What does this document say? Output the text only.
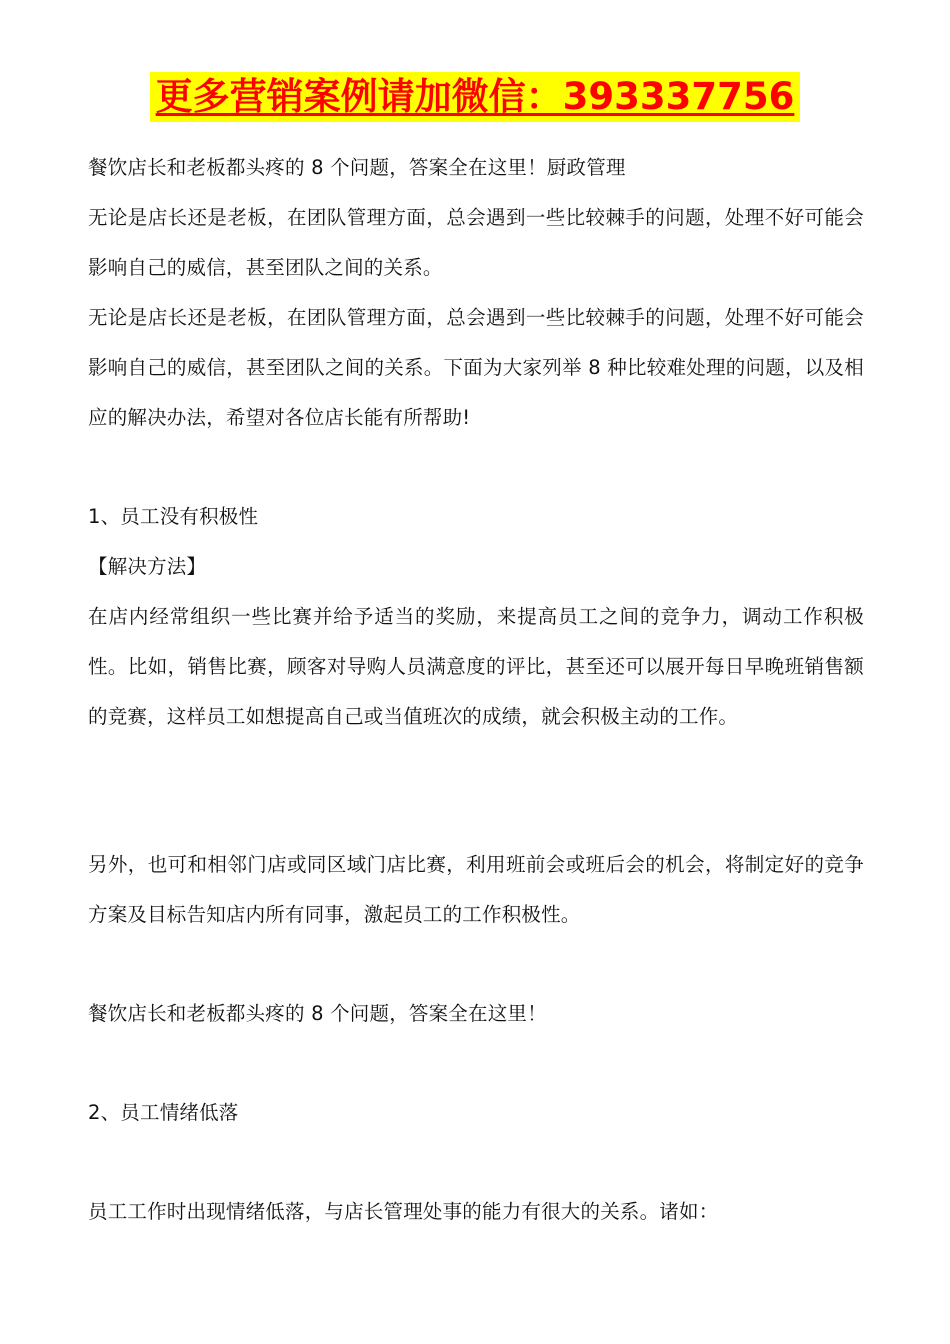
更多营销案例请加微信：393337756

餐饮店长和老板都头疼的 8 个问题，答案全在这里！厨政管理

无论是店长还是老板，在团队管理方面，总会遇到一些比较棘手的问题，处理不好可能会影响自己的威信，甚至团队之间的关系。

无论是店长还是老板，在团队管理方面，总会遇到一些比较棘手的问题，处理不好可能会影响自己的威信，甚至团队之间的关系。下面为大家列举 8 种比较难处理的问题，以及相应的解决办法，希望对各位店长能有所帮助!

1、员工没有积极性

【解决方法】

在店内经常组织一些比赛并给予适当的奖励，来提高员工之间的竞争力，调动工作积极性。比如，销售比赛，顾客对导购人员满意度的评比，甚至还可以展开每日早晚班销售额的竞赛，这样员工如想提高自己或当值班次的成绩，就会积极主动的工作。

另外，也可和相邻门店或同区域门店比赛，利用班前会或班后会的机会，将制定好的竞争方案及目标告知店内所有同事，激起员工的工作积极性。

餐饮店长和老板都头疼的 8 个问题，答案全在这里！

2、员工情绪低落

员工工作时出现情绪低落，与店长管理处事的能力有很大的关系。诸如：
